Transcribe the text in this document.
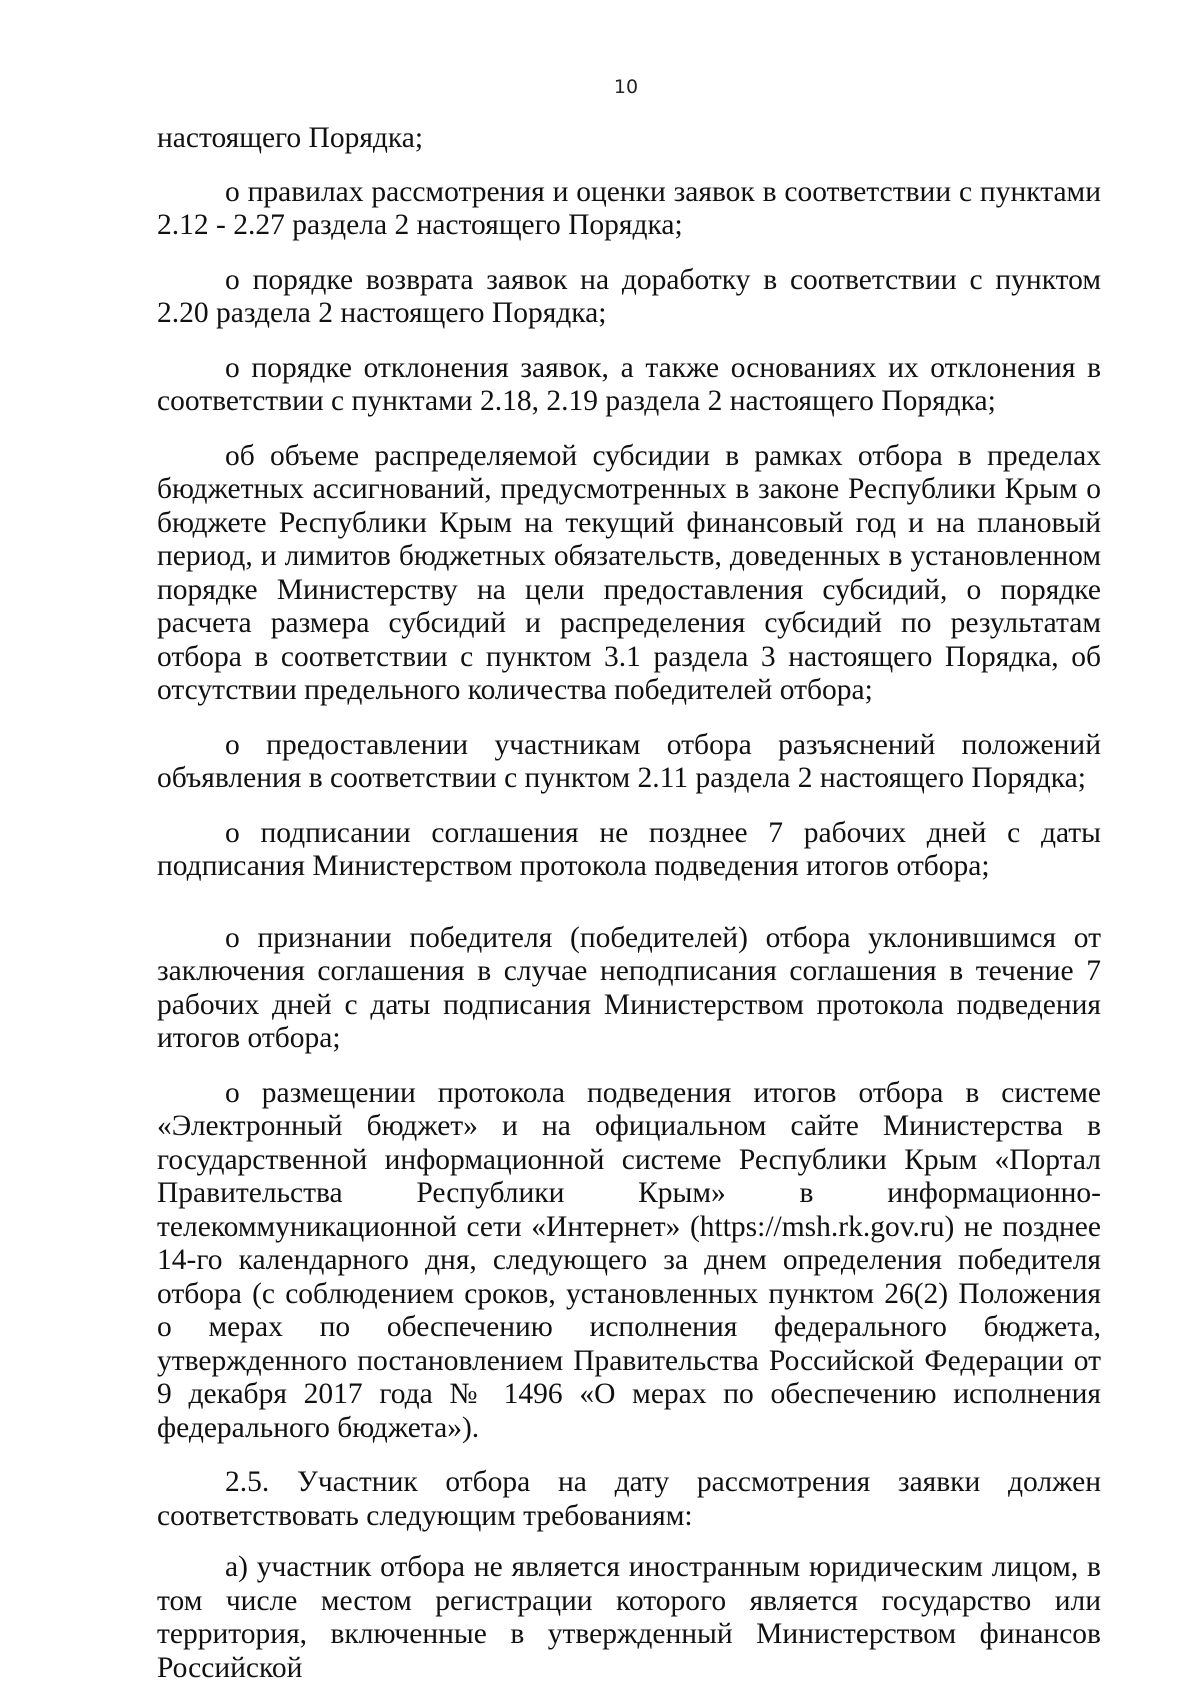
10

настоящего Порядка;

о правилах рассмотрения и оценки заявок в соответствии с пунктами 2.12 - 2.27 раздела 2 настоящего Порядка;

о порядке возврата заявок на доработку в соответствии с пунктом 2.20 раздела 2 настоящего Порядка;

о порядке отклонения заявок, а также основаниях их отклонения в соответствии с пунктами 2.18, 2.19 раздела 2 настоящего Порядка;

об объеме распределяемой субсидии в рамках отбора в пределах бюджетных ассигнований, предусмотренных в законе Республики Крым о бюджете Республики Крым на текущий финансовый год и на плановый период, и лимитов бюджетных обязательств, доведенных в установленном порядке Министерству на цели предоставления субсидий, о порядке расчета размера субсидий и распределения субсидий по результатам отбора в соответствии с пунктом 3.1 раздела 3 настоящего Порядка, об отсутствии предельного количества победителей отбора;

о предоставлении участникам отбора разъяснений положений объявления в соответствии с пунктом 2.11 раздела 2 настоящего Порядка;

о подписании соглашения не позднее 7 рабочих дней с даты подписания Министерством протокола подведения итогов отбора;

о признании победителя (победителей) отбора уклонившимся от заключения соглашения в случае неподписания соглашения в течение 7 рабочих дней с даты подписания Министерством протокола подведения итогов отбора;

о размещении протокола подведения итогов отбора в системе «Электронный бюджет» и на официальном сайте Министерства в государственной информационной системе Республики Крым «Портал Правительства Республики Крым» в информационно-телекоммуникационной сети «Интернет» (https://msh.rk.gov.ru) не позднее 14-го календарного дня, следующего за днем определения победителя отбора (с соблюдением сроков, установленных пунктом 26(2) Положения о мерах по обеспечению исполнения федерального бюджета, утвержденного постановлением Правительства Российской Федерации от 9 декабря 2017 года № 1496 «О мерах по обеспечению исполнения федерального бюджета»).

2.5. Участник отбора на дату рассмотрения заявки должен соответствовать следующим требованиям:

а) участник отбора не является иностранным юридическим лицом, в том числе местом регистрации которого является государство или территория, включенные в утвержденный Министерством финансов Российской
